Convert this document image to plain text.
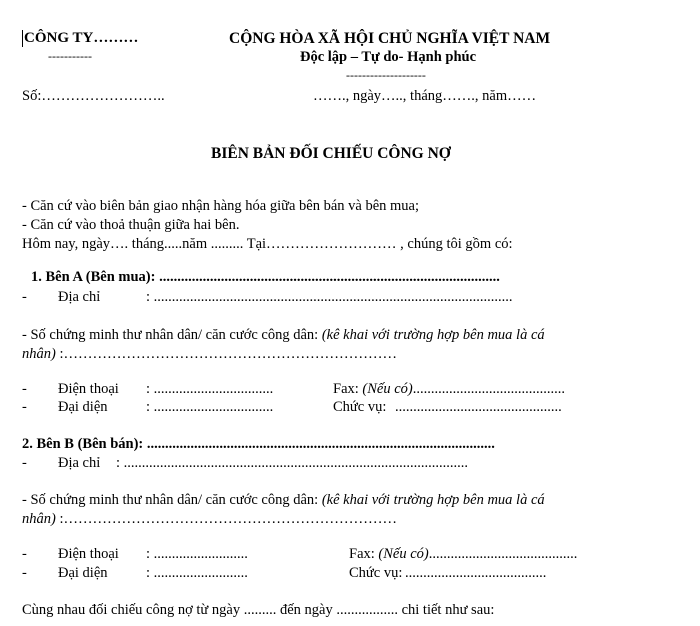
CÔNG TY………
-----------
CỘNG HÒA XÃ HỘI CHỦ NGHĨA VIỆT NAM
Độc lập – Tự do- Hạnh phúc
--------------------
Số:……………………..	……., ngày….., tháng……., năm……
BIÊN BẢN ĐỐI CHIẾU CÔNG NỢ
- Căn cứ vào biên bản giao nhận hàng hóa giữa bên bán và bên mua;
- Căn cứ vào thoả thuận giữa hai bên.
Hôm nay, ngày…. tháng.....năm ......... Tại……………………… , chúng tôi gồm có:
1. Bên A (Bên mua): ..............................................................................................
- Địa chỉ	: ...................................................................................................
- Số chứng minh thư nhân dân/ căn cước công dân: (kê khai với trường hợp bên mua là cá
nhân) :……………………………………………………………
- Điện thoại : .................................	Fax: (Nếu có)..........................................
- Đại diện	: .................................	Chức vụ: ..............................................
2. Bên B (Bên bán): ................................................................................................
- Địa chỉ : ...............................................................................................
- Số chứng minh thư nhân dân/ căn cước công dân: (kê khai với trường hợp bên mua là cá
nhân) :……………………………………………………………
- Điện thoại : ..........................	Fax: (Nếu có).........................................
- Đại diện	: ..........................	Chức vụ: .......................................
Cùng nhau đối chiếu công nợ từ ngày ......... đến ngày ................. chi tiết như sau:
